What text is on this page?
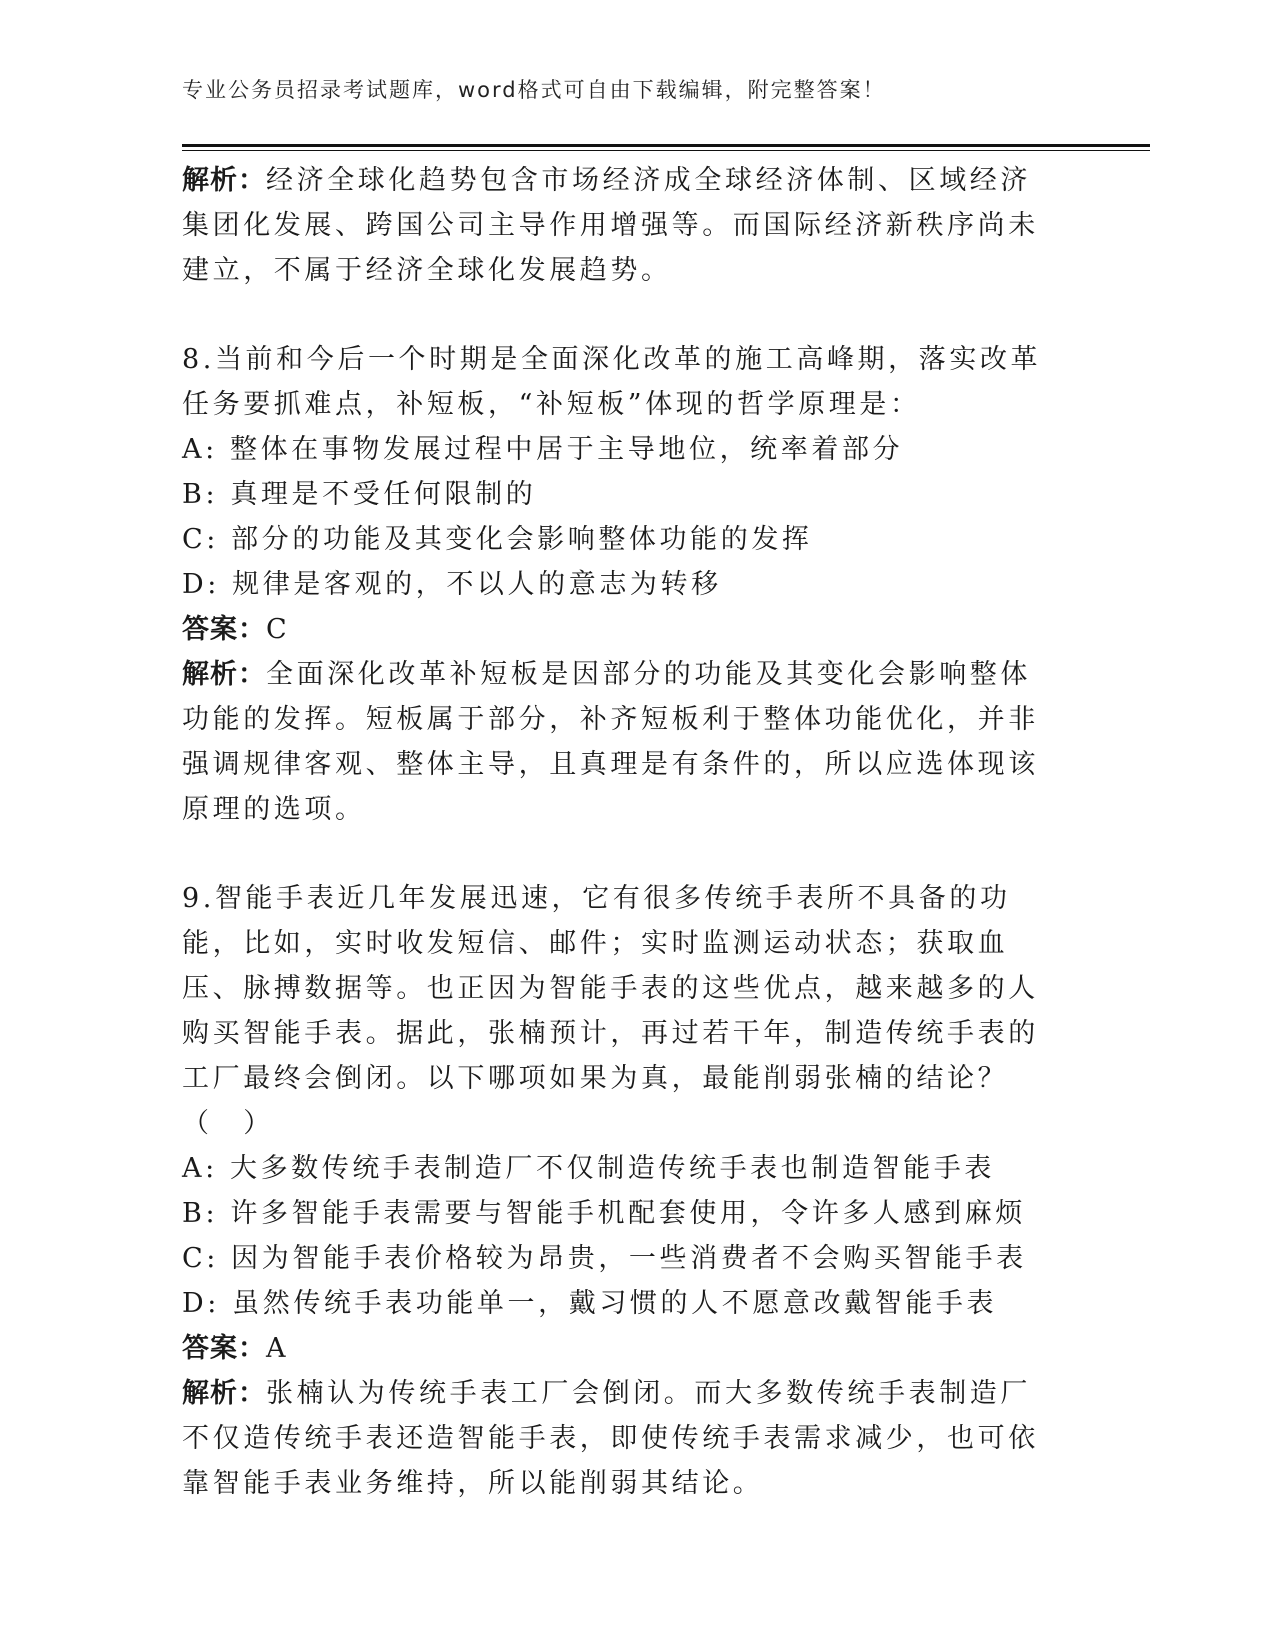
专业公务员招录考试题库，word格式可自由下载编辑，附完整答案！

解析：经济全球化趋势包含市场经济成全球经济体制、区域经济集团化发展、跨国公司主导作用增强等。而国际经济新秩序尚未建立，不属于经济全球化发展趋势。

8.当前和今后一个时期是全面深化改革的施工高峰期，落实改革任务要抓难点，补短板，“补短板”体现的哲学原理是：

A: 整体在事物发展过程中居于主导地位，统率着部分

B: 真理是不受任何限制的

C: 部分的功能及其变化会影响整体功能的发挥

D: 规律是客观的，不以人的意志为转移

答案：C

解析：全面深化改革补短板是因部分的功能及其变化会影响整体功能的发挥。短板属于部分，补齐短板利于整体功能优化，并非强调规律客观、整体主导，且真理是有条件的，所以应选体现该原理的选项。

9.智能手表近几年发展迅速，它有很多传统手表所不具备的功能，比如，实时收发短信、邮件；实时监测运动状态；获取血压、脉搏数据等。也正因为智能手表的这些优点，越来越多的人购买智能手表。据此，张楠预计，再过若干年，制造传统手表的工厂最终会倒闭。以下哪项如果为真，最能削弱张楠的结论？（　）

A: 大多数传统手表制造厂不仅制造传统手表也制造智能手表

B: 许多智能手表需要与智能手机配套使用，令许多人感到麻烦

C: 因为智能手表价格较为昂贵，一些消费者不会购买智能手表

D: 虽然传统手表功能单一，戴习惯的人不愿意改戴智能手表

答案：A

解析：张楠认为传统手表工厂会倒闭。而大多数传统手表制造厂不仅造传统手表还造智能手表，即使传统手表需求减少，也可依靠智能手表业务维持，所以能削弱其结论。
